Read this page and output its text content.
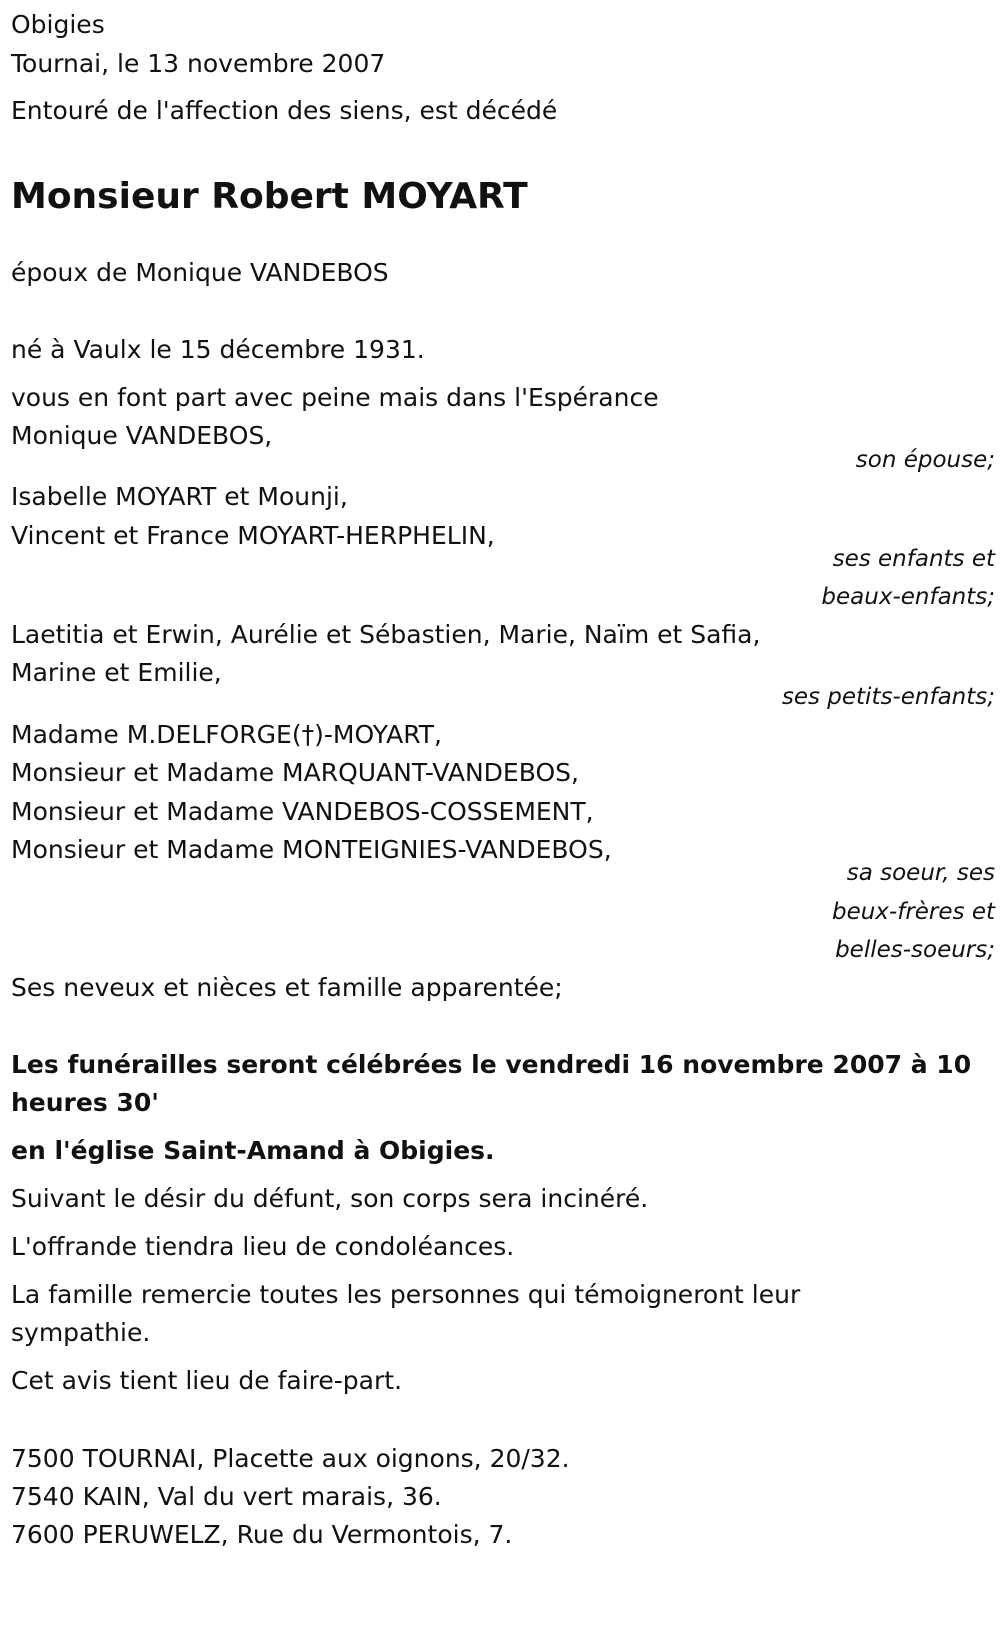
Obigies
Tournai, le 13 novembre 2007
Entouré de l'affection des siens, est décédé
Monsieur Robert MOYART
époux de Monique VANDEBOS
né à Vaulx le 15 décembre 1931.
vous en font part avec peine mais dans l'Espérance
Monique VANDEBOS,
son épouse;
Isabelle MOYART et Mounji,
Vincent et France MOYART-HERPHELIN,
ses enfants et
beaux-enfants;
Laetitia et Erwin, Aurélie et Sébastien, Marie, Naïm et Safia,
Marine et Emilie,
ses petits-enfants;
Madame M.DELFORGE(†)-MOYART,
Monsieur et Madame MARQUANT-VANDEBOS,
Monsieur et Madame VANDEBOS-COSSEMENT,
Monsieur et Madame MONTEIGNIES-VANDEBOS,
sa soeur, ses
beux-frères et
belles-soeurs;
Ses neveux et nièces et famille apparentée;
Les funérailles seront célébrées le vendredi 16 novembre 2007 à 10
heures 30'
en l'église Saint-Amand à Obigies.
Suivant le désir du défunt, son corps sera incinéré.
L'offrande tiendra lieu de condoléances.
La famille remercie toutes les personnes qui témoigneront leur
sympathie.
Cet avis tient lieu de faire-part.
7500 TOURNAI, Placette aux oignons, 20/32.
7540 KAIN, Val du vert marais, 36.
7600 PERUWELZ, Rue du Vermontois, 7.
